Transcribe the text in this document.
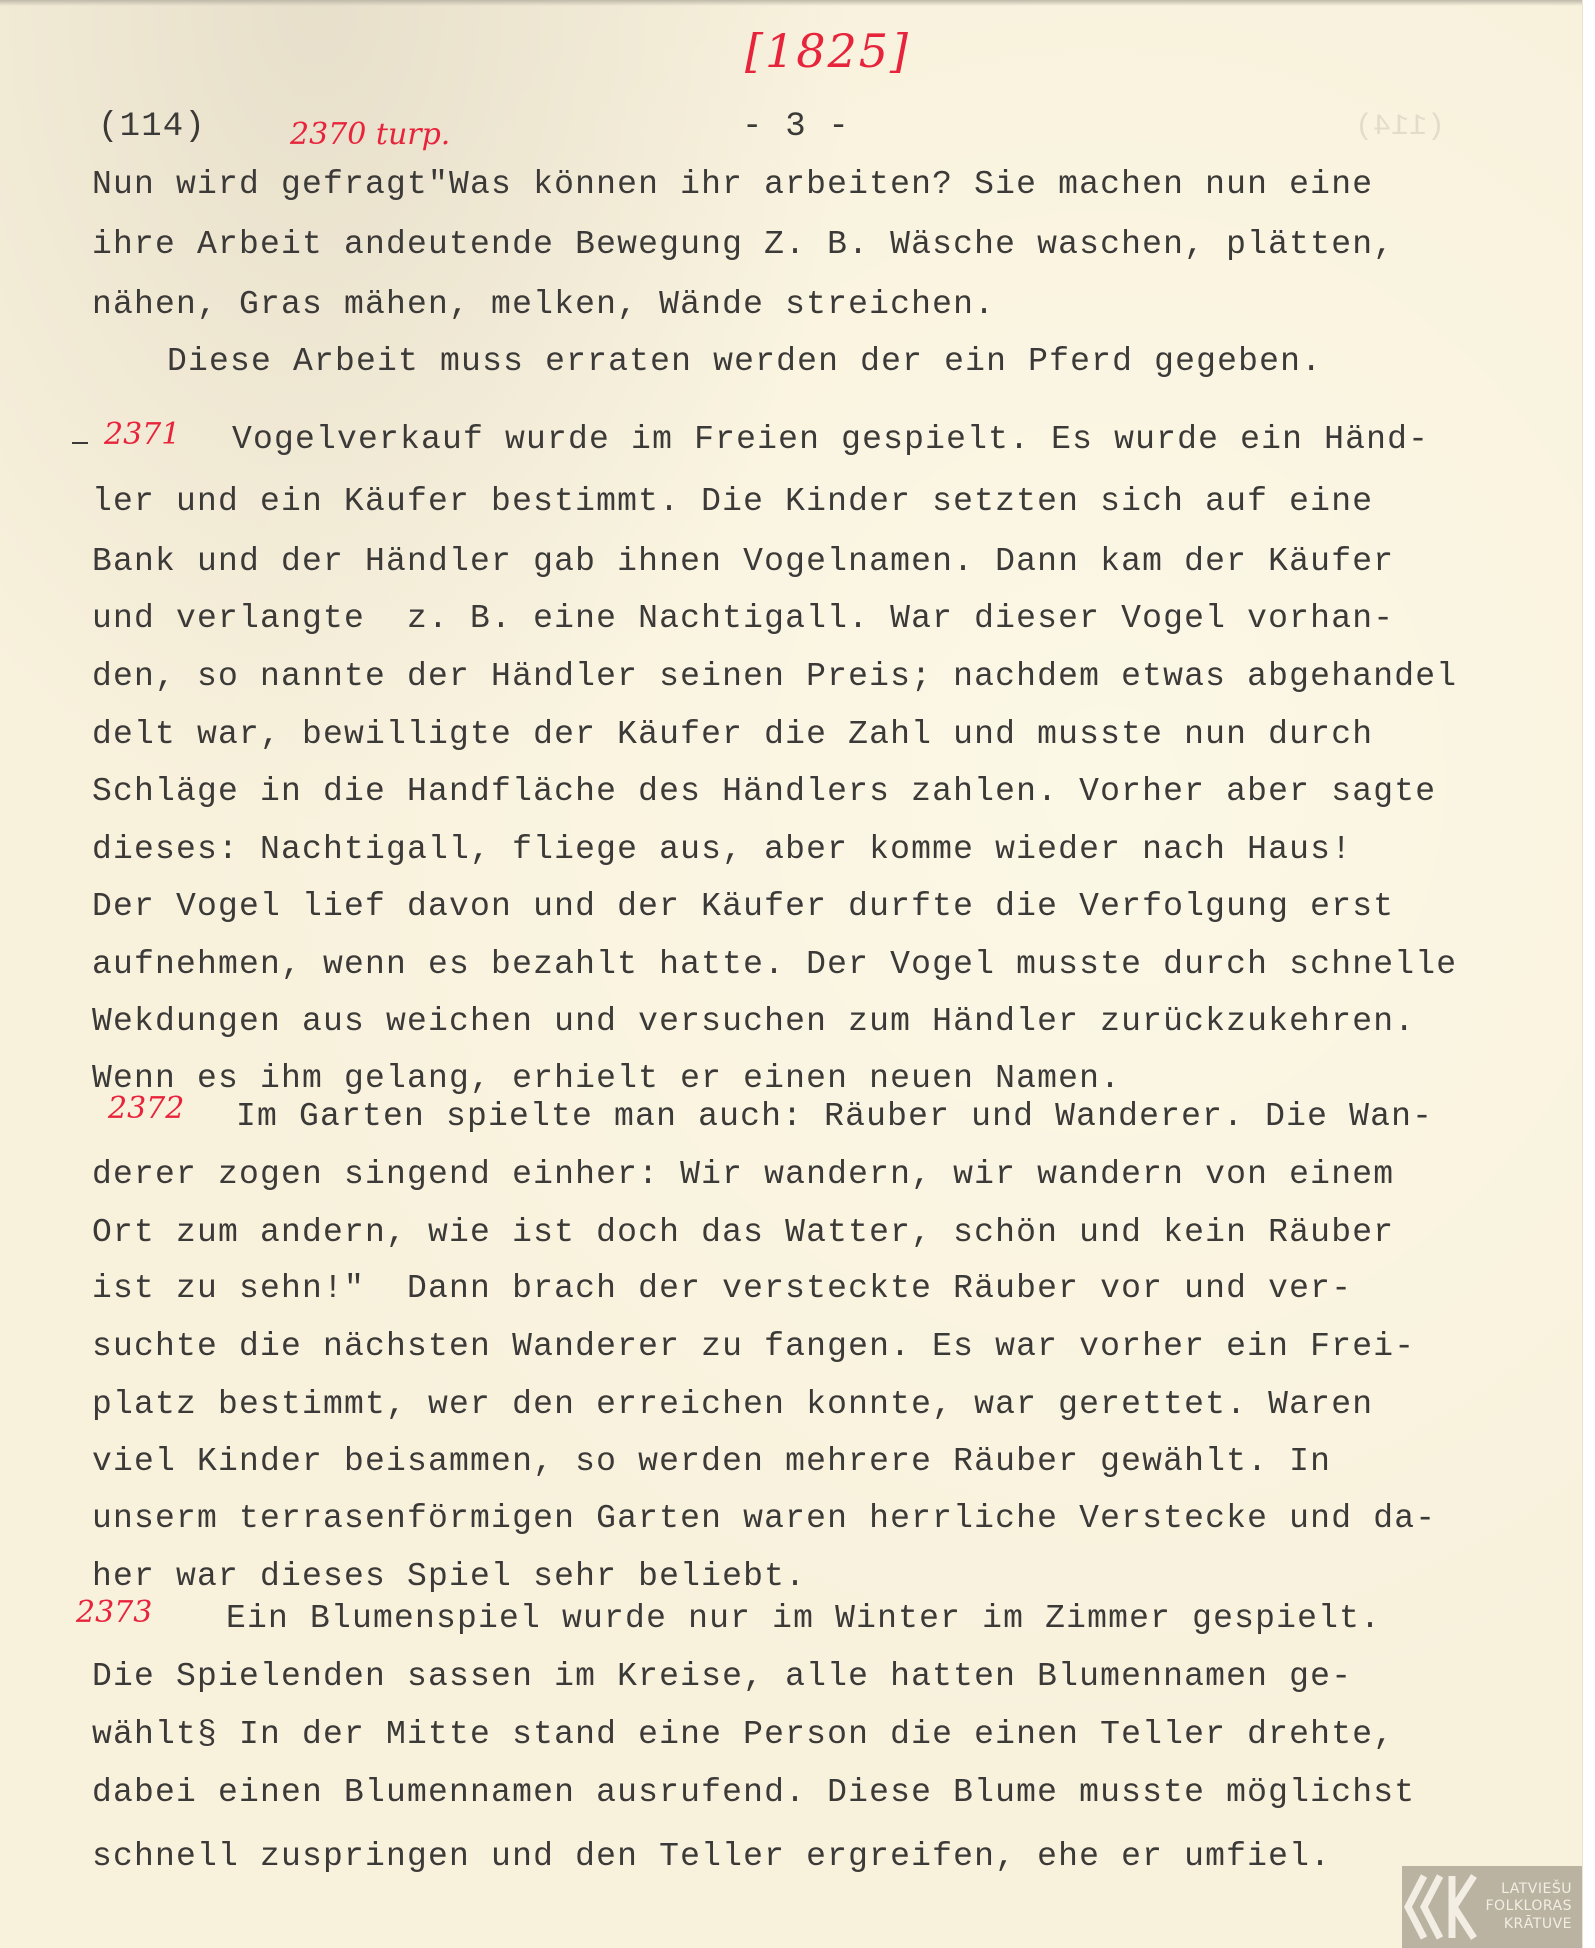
(114)
[1825]
(114)	2370 turp.	- 3 -
Nun wird gefragt"Was können ihr arbeiten? Sie machen nun eine
ihre Arbeit andeutende Bewegung Z. B. Wäsche waschen, plätten,
nähen, Gras mähen, melken, Wände streichen.
Diese Arbeit muss erraten werden der ein Pferd gegeben.
2371 Vogelverkauf wurde im Freien gespielt. Es wurde ein Händ-
ler und ein Käufer bestimmt. Die Kinder setzten sich auf eine
Bank und der Händler gab ihnen Vogelnamen. Dann kam der Käufer
und verlangte  z. B. eine Nachtigall. War dieser Vogel vorhan-
den, so nannte der Händler seinen Preis; nachdem etwas abgehandel
delt war, bewilligte der Käufer die Zahl und musste nun durch
Schläge in die Handfläche des Händlers zahlen. Vorher aber sagte
dieses: Nachtigall, fliege aus, aber komme wieder nach Haus!
Der Vogel lief davon und der Käufer durfte die Verfolgung erst
aufnehmen, wenn es bezahlt hatte. Der Vogel musste durch schnelle
Wekdungen aus weichen und versuchen zum Händler zurückzukehren.
Wenn es ihm gelang, erhielt er einen neuen Namen.
2372 Im Garten spielte man auch: Räuber und Wanderer. Die Wan-
derer zogen singend einher: Wir wandern, wir wandern von einem
Ort zum andern, wie ist doch das Watter, schön und kein Räuber
ist zu sehn!"  Dann brach der versteckte Räuber vor und ver-
suchte die nächsten Wanderer zu fangen. Es war vorher ein Frei-
platz bestimmt, wer den erreichen konnte, war gerettet. Waren
viel Kinder beisammen, so werden mehrere Räuber gewählt. In
unserm terrasenförmigen Garten waren herrliche Verstecke und da-
her war dieses Spiel sehr beliebt.
2373 Ein Blumenspiel wurde nur im Winter im Zimmer gespielt.
Die Spielenden sassen im Kreise, alle hatten Blumennamen ge-
wählt§ In der Mitte stand eine Person die einen Teller drehte,
dabei einen Blumennamen ausrufend. Diese Blume musste möglichst
schnell zuspringen und den Teller ergreifen, ehe er umfiel.
LATVIEŠU
FOLKLORAS
KRĀTUVE
